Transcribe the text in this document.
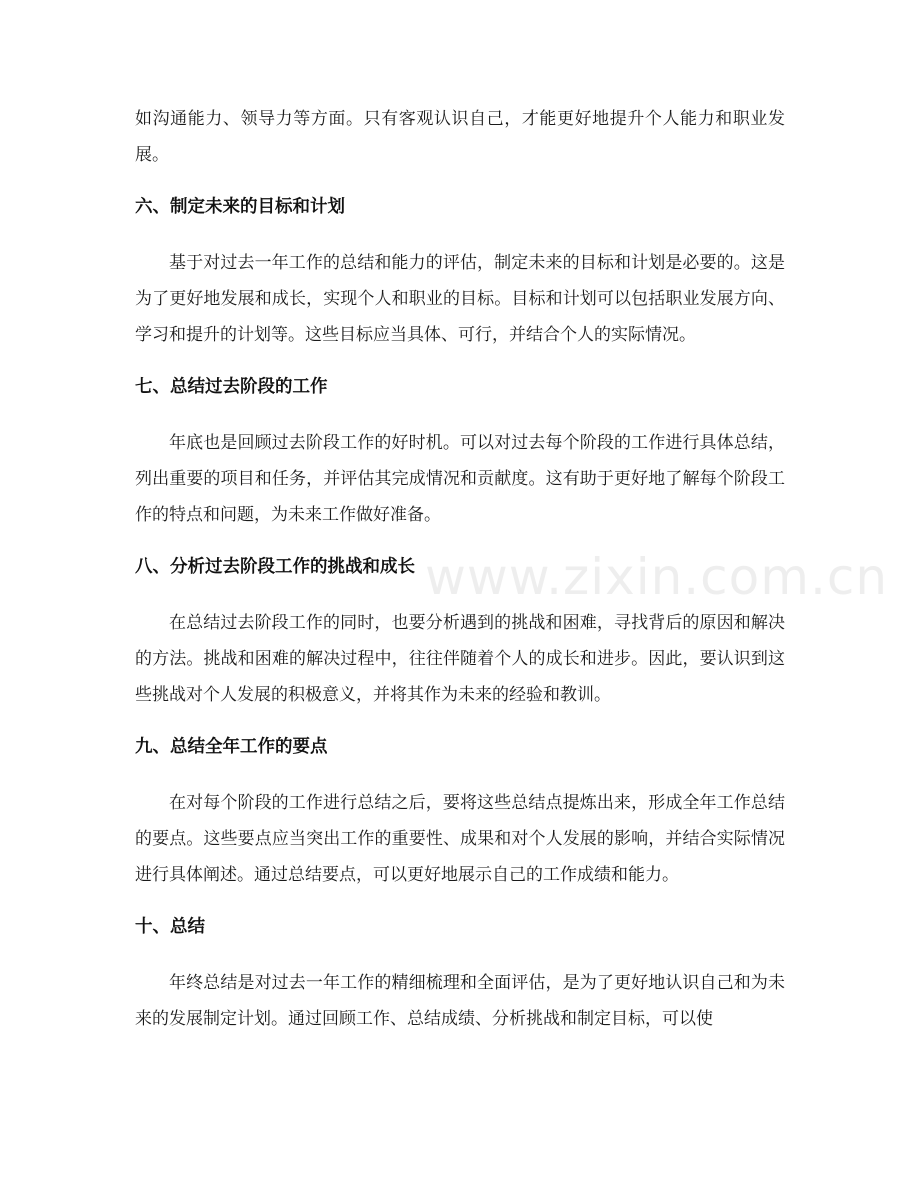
如沟通能力、领导力等方面。只有客观认识自己，才能更好地提升个人能力和职业发展。

六、制定未来的目标和计划

基于对过去一年工作的总结和能力的评估，制定未来的目标和计划是必要的。这是为了更好地发展和成长，实现个人和职业的目标。目标和计划可以包括职业发展方向、学习和提升的计划等。这些目标应当具体、可行，并结合个人的实际情况。

七、总结过去阶段的工作

年底也是回顾过去阶段工作的好时机。可以对过去每个阶段的工作进行具体总结，列出重要的项目和任务，并评估其完成情况和贡献度。这有助于更好地了解每个阶段工作的特点和问题，为未来工作做好准备。

八、分析过去阶段工作的挑战和成长

在总结过去阶段工作的同时，也要分析遇到的挑战和困难，寻找背后的原因和解决的方法。挑战和困难的解决过程中，往往伴随着个人的成长和进步。因此，要认识到这些挑战对个人发展的积极意义，并将其作为未来的经验和教训。

九、总结全年工作的要点

在对每个阶段的工作进行总结之后，要将这些总结点提炼出来，形成全年工作总结的要点。这些要点应当突出工作的重要性、成果和对个人发展的影响，并结合实际情况进行具体阐述。通过总结要点，可以更好地展示自己的工作成绩和能力。

十、总结

年终总结是对过去一年工作的精细梳理和全面评估，是为了更好地认识自己和为未来的发展制定计划。通过回顾工作、总结成绩、分析挑战和制定目标，可以使

www.zixin.com.cn
